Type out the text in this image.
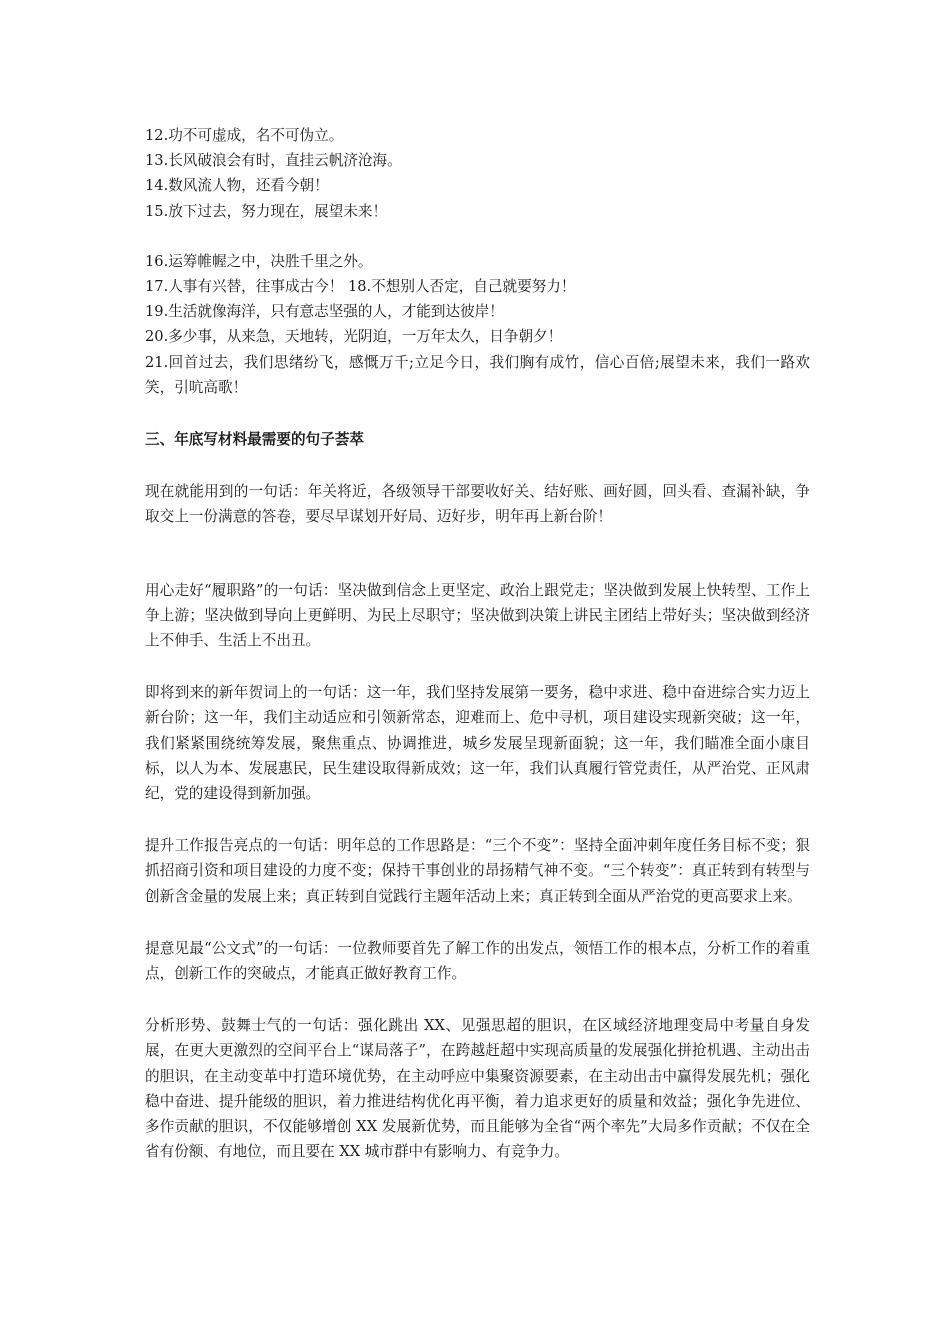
12.功不可虚成，名不可伪立。

13.长风破浪会有时，直挂云帆济沧海。

14.数风流人物，还看今朝！

15.放下过去，努力现在，展望未来！

16.运筹帷幄之中，决胜千里之外。

17.人事有兴替，往事成古今！ 18.不想别人否定，自己就要努力！

19.生活就像海洋，只有意志坚强的人，才能到达彼岸！

20.多少事，从来急，天地转，光阴迫，一万年太久，日争朝夕！

21.回首过去，我们思绪纷飞，感慨万千;立足今日，我们胸有成竹，信心百倍;展望未来，我们一路欢笑，引吭高歌！

三、年底写材料最需要的句子荟萃

现在就能用到的一句话：年关将近，各级领导干部要收好关、结好账、画好圆，回头看、查漏补缺，争取交上一份满意的答卷，要尽早谋划开好局、迈好步，明年再上新台阶！

用心走好“履职路”的一句话：坚决做到信念上更坚定、政治上跟党走；坚决做到发展上快转型、工作上争上游；坚决做到导向上更鲜明、为民上尽职守；坚决做到决策上讲民主团结上带好头；坚决做到经济上不伸手、生活上不出丑。

即将到来的新年贺词上的一句话：这一年，我们坚持发展第一要务，稳中求进、稳中奋进综合实力迈上新台阶；这一年，我们主动适应和引领新常态，迎难而上、危中寻机，项目建设实现新突破；这一年，我们紧紧围绕统筹发展，聚焦重点、协调推进，城乡发展呈现新面貌；这一年，我们瞄准全面小康目标，以人为本、发展惠民，民生建设取得新成效；这一年，我们认真履行管党责任，从严治党、正风肃纪，党的建设得到新加强。

提升工作报告亮点的一句话：明年总的工作思路是：“三个不变”：坚持全面冲刺年度任务目标不变；狠抓招商引资和项目建设的力度不变；保持干事创业的昂扬精气神不变。“三个转变”：真正转到有转型与创新含金量的发展上来；真正转到自觉践行主题年活动上来；真正转到全面从严治党的更高要求上来。

提意见最“公文式”的一句话：一位教师要首先了解工作的出发点，领悟工作的根本点，分析工作的着重点，创新工作的突破点，才能真正做好教育工作。

分析形势、鼓舞士气的一句话：强化跳出 XX、见强思超的胆识，在区域经济地理变局中考量自身发展，在更大更激烈的空间平台上“谋局落子”，在跨越赶超中实现高质量的发展强化拼抢机遇、主动出击的胆识，在主动变革中打造环境优势，在主动呼应中集聚资源要素，在主动出击中赢得发展先机；强化稳中奋进、提升能级的胆识，着力推进结构优化再平衡，着力追求更好的质量和效益；强化争先进位、多作贡献的胆识，不仅能够增创 XX 发展新优势，而且能够为全省“两个率先”大局多作贡献；不仅在全省有份额、有地位，而且要在 XX 城市群中有影响力、有竞争力。
